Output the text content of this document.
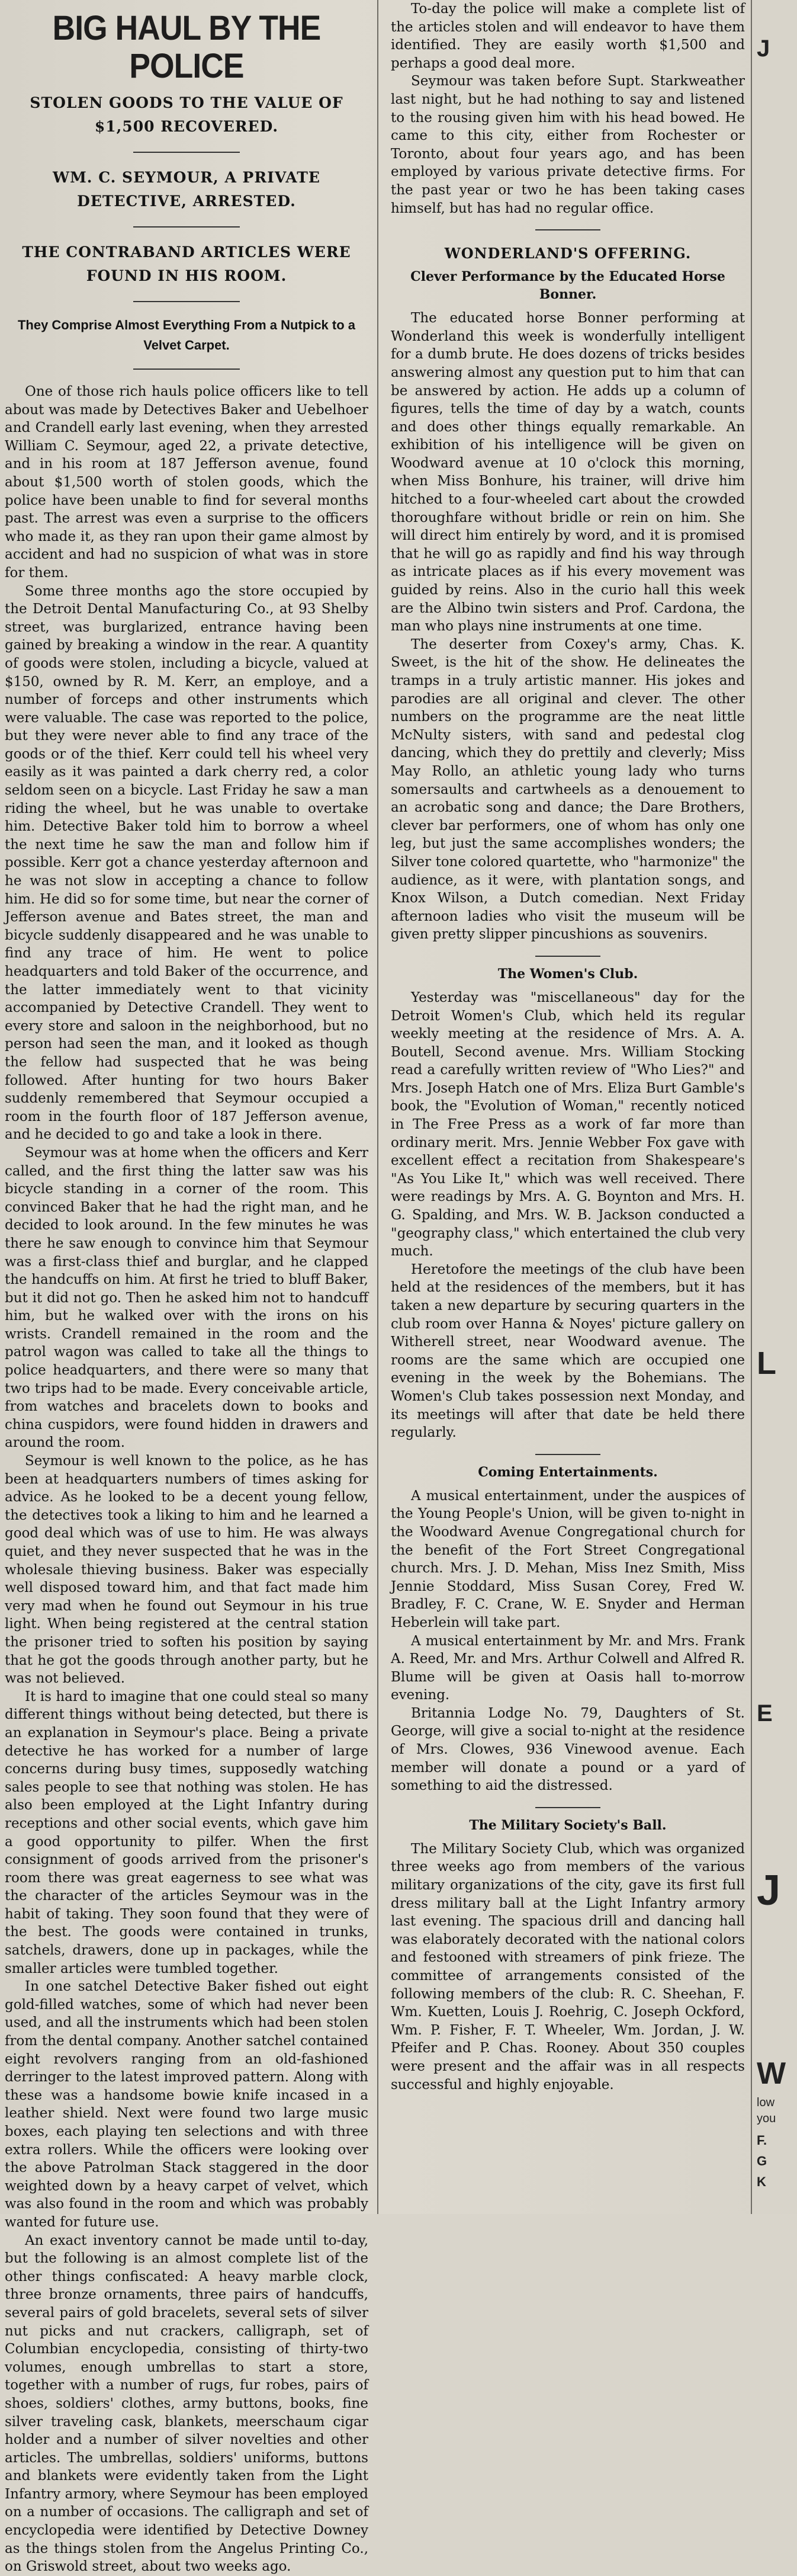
BIG HAUL BY THE POLICE
STOLEN GOODS TO THE VALUE OF $1,500 RECOVERED.
WM. C. SEYMOUR, A PRIVATE DETECTIVE, ARRESTED.
THE CONTRABAND ARTICLES WERE FOUND IN HIS ROOM.
They Comprise Almost Everything From a Nutpick to a Velvet Carpet.

One of those rich hauls police officers like to tell about was made by Detectives Baker and Uebelhoer and Crandell early last evening, when they arrested William C. Seymour, aged 22, a private detective, and in his room at 187 Jefferson avenue, found about $1,500 worth of stolen goods, which the police have been unable to find for several months past. The arrest was even a surprise to the officers who made it, as they ran upon their game almost by accident and had no suspicion of what was in store for them.

Some three months ago the store occupied by the Detroit Dental Manufacturing Co., at 93 Shelby street, was burglarized, entrance having been gained by breaking a window in the rear. A quantity of goods were stolen, including a bicycle, valued at $150, owned by R. M. Kerr, an employe, and a number of forceps and other instruments which were valuable. The case was reported to the police, but they were never able to find any trace of the goods or of the thief. Kerr could tell his wheel very easily as it was painted a dark cherry red, a color seldom seen on a bicycle. Last Friday he saw a man riding the wheel, but he was unable to overtake him. Detective Baker told him to borrow a wheel the next time he saw the man and follow him if possible. Kerr got a chance yesterday afternoon and he was not slow in accepting a chance to follow him. He did so for some time, but near the corner of Jefferson avenue and Bates street, the man and bicycle suddenly disappeared and he was unable to find any trace of him. He went to police headquarters and told Baker of the occurrence, and the latter immediately went to that vicinity accompanied by Detective Crandell. They went to every store and saloon in the neighborhood, but no person had seen the man, and it looked as though the fellow had suspected that he was being followed. After hunting for two hours Baker suddenly remembered that Seymour occupied a room in the fourth floor of 187 Jefferson avenue, and he decided to go and take a look in there.

Seymour was at home when the officers and Kerr called, and the first thing the latter saw was his bicycle standing in a corner of the room. This convinced Baker that he had the right man, and he decided to look around. In the few minutes he was there he saw enough to convince him that Seymour was a first-class thief and burglar, and he clapped the handcuffs on him. At first he tried to bluff Baker, but it did not go. Then he asked him not to handcuff him, but he walked over with the irons on his wrists. Crandell remained in the room and the patrol wagon was called to take all the things to police headquarters, and there were so many that two trips had to be made. Every conceivable article, from watches and bracelets down to books and china cuspidors, were found hidden in drawers and around the room.

Seymour is well known to the police, as he has been at headquarters numbers of times asking for advice. As he looked to be a decent young fellow, the detectives took a liking to him and he learned a good deal which was of use to him. He was always quiet, and they never suspected that he was in the wholesale thieving business. Baker was especially well disposed toward him, and that fact made him very mad when he found out Seymour in his true light. When being registered at the central station the prisoner tried to soften his position by saying that he got the goods through another party, but he was not believed.

It is hard to imagine that one could steal so many different things without being detected, but there is an explanation in Seymour's place. Being a private detective he has worked for a number of large concerns during busy times, supposedly watching sales people to see that nothing was stolen. He has also been employed at the Light Infantry during receptions and other social events, which gave him a good opportunity to pilfer. When the first consignment of goods arrived from the prisoner's room there was great eagerness to see what was the character of the articles Seymour was in the habit of taking. They soon found that they were of the best. The goods were contained in trunks, satchels, drawers, done up in packages, while the smaller articles were tumbled together.

In one satchel Detective Baker fished out eight gold-filled watches, some of which had never been used, and all the instruments which had been stolen from the dental company. Another satchel contained eight revolvers ranging from an old-fashioned derringer to the latest improved pattern. Along with these was a handsome bowie knife incased in a leather shield. Next were found two large music boxes, each playing ten selections and with three extra rollers. While the officers were looking over the above Patrolman Stack staggered in the door weighted down by a heavy carpet of velvet, which was also found in the room and which was probably wanted for future use.

An exact inventory cannot be made until to-day, but the following is an almost complete list of the other things confiscated: A heavy marble clock, three bronze ornaments, three pairs of handcuffs, several pairs of gold bracelets, several sets of silver nut picks and nut crackers, calligraph, set of Columbian encyclopedia, consisting of thirty-two volumes, enough umbrellas to start a store, together with a number of rugs, fur robes, pairs of shoes, soldiers' clothes, army buttons, books, fine silver traveling cask, blankets, meerschaum cigar holder and a number of silver novelties and other articles. The umbrellas, soldiers' uniforms, buttons and blankets were evidently taken from the Light Infantry armory, where Seymour has been employed on a number of occasions. The calligraph and set of encyclopedia were identified by Detective Downey as the things stolen from the Angelus Printing Co., on Griswold street, about two weeks ago.

To-day the police will make a complete list of the articles stolen and will endeavor to have them identified. They are easily worth $1,500 and perhaps a good deal more.

Seymour was taken before Supt. Starkweather last night, but he had nothing to say and listened to the rousing given him with his head bowed. He came to this city, either from Rochester or Toronto, about four years ago, and has been employed by various private detective firms. For the past year or two he has been taking cases himself, but has had no regular office.

WONDERLAND'S OFFERING.
Clever Performance by the Educated Horse Bonner.

The educated horse Bonner performing at Wonderland this week is wonderfully intelligent for a dumb brute. He does dozens of tricks besides answering almost any question put to him that can be answered by action. He adds up a column of figures, tells the time of day by a watch, counts and does other things equally remarkable. An exhibition of his intelligence will be given on Woodward avenue at 10 o'clock this morning, when Miss Bonhure, his trainer, will drive him hitched to a four-wheeled cart about the crowded thoroughfare without bridle or rein on him. She will direct him entirely by word, and it is promised that he will go as rapidly and find his way through as intricate places as if his every movement was guided by reins. Also in the curio hall this week are the Albino twin sisters and Prof. Cardona, the man who plays nine instruments at one time.

The deserter from Coxey's army, Chas. K. Sweet, is the hit of the show. He delineates the tramps in a truly artistic manner. His jokes and parodies are all original and clever. The other numbers on the programme are the neat little McNulty sisters, with sand and pedestal clog dancing, which they do prettily and cleverly; Miss May Rollo, an athletic young lady who turns somersaults and cartwheels as a denouement to an acrobatic song and dance; the Dare Brothers, clever bar performers, one of whom has only one leg, but just the same accomplishes wonders; the Silver tone colored quartette, who "harmonize" the audience, as it were, with plantation songs, and Knox Wilson, a Dutch comedian. Next Friday afternoon ladies who visit the museum will be given pretty slipper pincushions as souvenirs.

The Women's Club.

Yesterday was "miscellaneous" day for the Detroit Women's Club, which held its regular weekly meeting at the residence of Mrs. A. A. Boutell, Second avenue. Mrs. William Stocking read a carefully written review of "Who Lies?" and Mrs. Joseph Hatch one of Mrs. Eliza Burt Gamble's book, the "Evolution of Woman," recently noticed in The Free Press as a work of far more than ordinary merit. Mrs. Jennie Webber Fox gave with excellent effect a recitation from Shakespeare's "As You Like It," which was well received. There were readings by Mrs. A. G. Boynton and Mrs. H. G. Spalding, and Mrs. W. B. Jackson conducted a "geography class," which entertained the club very much.

Heretofore the meetings of the club have been held at the residences of the members, but it has taken a new departure by securing quarters in the club room over Hanna & Noyes' picture gallery on Witherell street, near Woodward avenue. The rooms are the same which are occupied one evening in the week by the Bohemians. The Women's Club takes possession next Monday, and its meetings will after that date be held there regularly.

Coming Entertainments.

A musical entertainment, under the auspices of the Young People's Union, will be given to-night in the Woodward Avenue Congregational church for the benefit of the Fort Street Congregational church. Mrs. J. D. Mehan, Miss Inez Smith, Miss Jennie Stoddard, Miss Susan Corey, Fred W. Bradley, F. C. Crane, W. E. Snyder and Herman Heberlein will take part.

A musical entertainment by Mr. and Mrs. Frank A. Reed, Mr. and Mrs. Arthur Colwell and Alfred R. Blume will be given at Oasis hall to-morrow evening.

Britannia Lodge No. 79, Daughters of St. George, will give a social to-night at the residence of Mrs. Clowes, 936 Vinewood avenue. Each member will donate a pound or a yard of something to aid the distressed.

The Military Society's Ball.

The Military Society Club, which was organized three weeks ago from members of the various military organizations of the city, gave its first full dress military ball at the Light Infantry armory last evening. The spacious drill and dancing hall was elaborately decorated with the national colors and festooned with streamers of pink frieze. The committee of arrangements consisted of the following members of the club: R. C. Sheehan, F. Wm. Kuetten, Louis J. Roehrig, C. Joseph Ockford, Wm. P. Fisher, F. T. Wheeler, Wm. Jordan, J. W. Pfeifer and P. Chas. Rooney. About 350 couples were present and the affair was in all respects successful and highly enjoyable.

J
L
E
J
W
low
you
F.
G
K
